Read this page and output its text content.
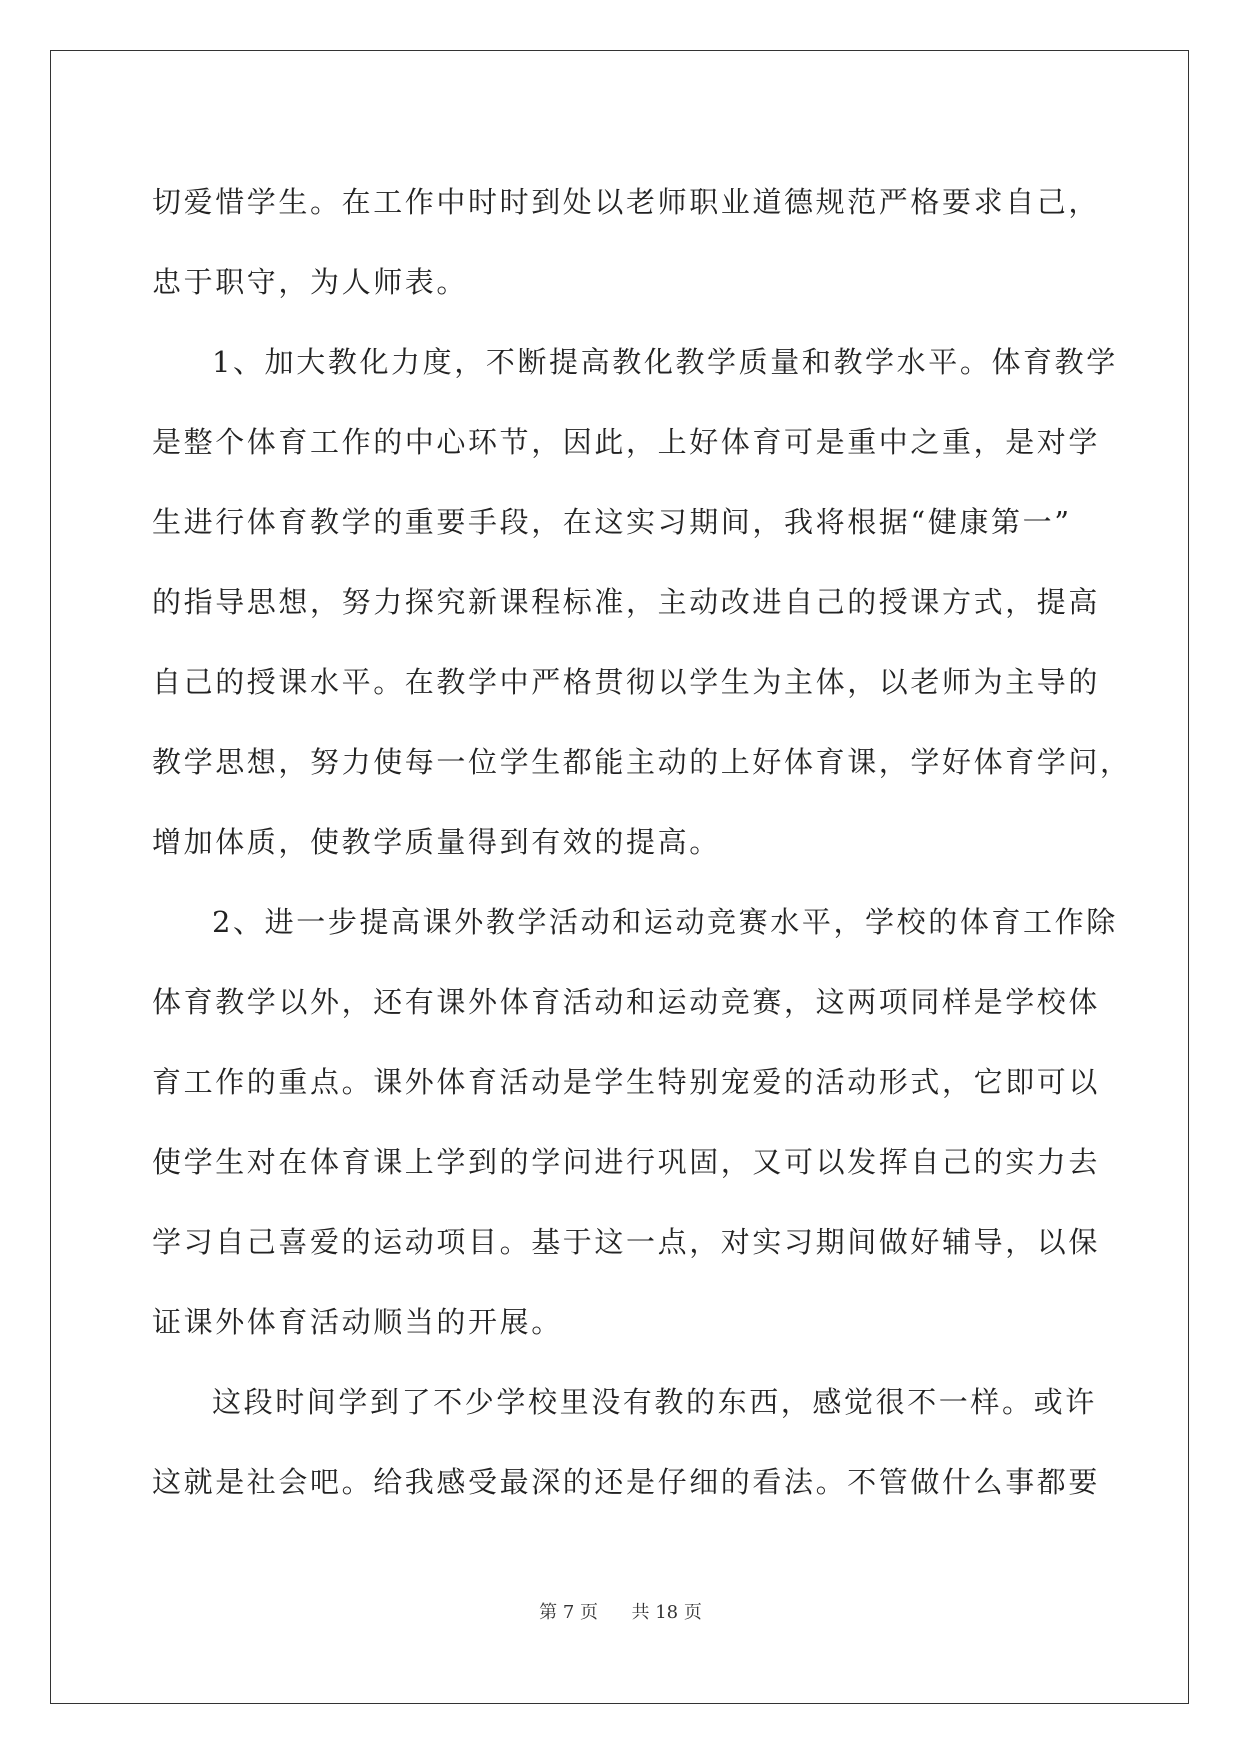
切爱惜学生。在工作中时时到处以老师职业道德规范严格要求自己，

忠于职守，为人师表。

1、加大教化力度，不断提高教化教学质量和教学水平。体育教学

是整个体育工作的中心环节，因此，上好体育可是重中之重，是对学

生进行体育教学的重要手段，在这实习期间，我将根据“健康第一”

的指导思想，努力探究新课程标准，主动改进自己的授课方式，提高

自己的授课水平。在教学中严格贯彻以学生为主体，以老师为主导的

教学思想，努力使每一位学生都能主动的上好体育课，学好体育学问，

增加体质，使教学质量得到有效的提高。

2、进一步提高课外教学活动和运动竞赛水平，学校的体育工作除

体育教学以外，还有课外体育活动和运动竞赛，这两项同样是学校体

育工作的重点。课外体育活动是学生特别宠爱的活动形式，它即可以

使学生对在体育课上学到的学问进行巩固，又可以发挥自己的实力去

学习自己喜爱的运动项目。基于这一点，对实习期间做好辅导，以保

证课外体育活动顺当的开展。

这段时间学到了不少学校里没有教的东西，感觉很不一样。或许

这就是社会吧。给我感受最深的还是仔细的看法。不管做什么事都要

第 7 页 共 18 页
